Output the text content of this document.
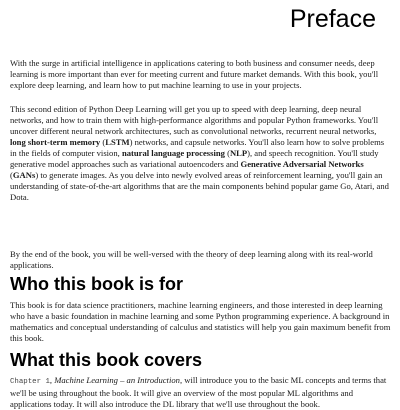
Preface

With the surge in artificial intelligence in applications catering to both business and consumer needs, deep learning is more important than ever for meeting current and future market demands. With this book, you'll explore deep learning, and learn how to put machine learning to use in your projects.

This second edition of Python Deep Learning will get you up to speed with deep learning, deep neural networks, and how to train them with high-performance algorithms and popular Python frameworks. You'll uncover different neural network architectures, such as convolutional networks, recurrent neural networks, long short-term memory (LSTM) networks, and capsule networks. You'll also learn how to solve problems in the fields of computer vision, natural language processing (NLP), and speech recognition. You'll study generative model approaches such as variational autoencoders and Generative Adversarial Networks (GANs) to generate images. As you delve into newly evolved areas of reinforcement learning, you'll gain an understanding of state-of-the-art algorithms that are the main components behind popular game Go, Atari, and Dota.

By the end of the book, you will be well-versed with the theory of deep learning along with its real-world applications.

Who this book is for

This book is for data science practitioners, machine learning engineers, and those interested in deep learning who have a basic foundation in machine learning and some Python programming experience. A background in mathematics and conceptual understanding of calculus and statistics will help you gain maximum benefit from this book.

What this book covers

Chapter 1, Machine Learning – an Introduction, will introduce you to the basic ML concepts and terms that we'll be using throughout the book. It will give an overview of the most popular ML algorithms and applications today. It will also introduce the DL library that we'll use throughout the book.
